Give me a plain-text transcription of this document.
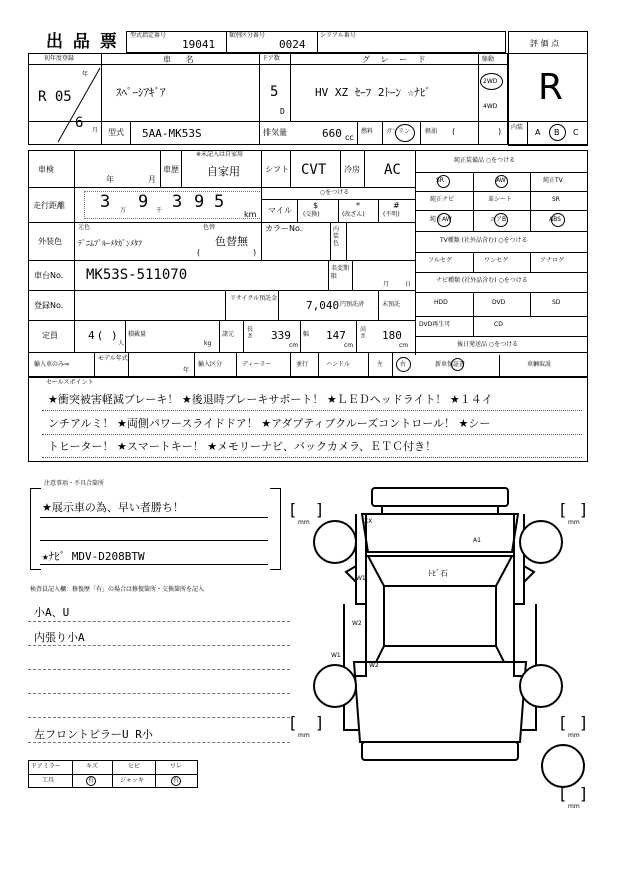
出 品 票 型式指定番号
19041
類別区分番号
0024
シリアル番号
評 価 点
R
初年度登録
R 05
年
6 月
車 名
ｽﾍﾟｰｼｱｷﾞｱ
ドア数
5
D
グ レ ー ド
HV XZ ｾｰﾌ 2ﾄｰﾝ ☆ﾅﾋﾞ
駆動
2WD
4WD
型式 5AA-MK53S	排気量	660 cc
燃料 ガソリン 軽油 (	) 内装
A B C
車検
年	月
車歴
※未記入は自家用
自家用	シフト CVT 冷房 AC
走行距離 3 万 9 千 3 9 5
km
○をつける
マイル
$
(交換)
*
(改ざん)
#
(不明)
外装色
元色
ﾃﾞﾆﾑﾌﾞﾙｰﾒﾀｶﾞﾝﾒﾀﾌ
色替
色替無
(	)
カラーNo.	内装色
車台No. MK53S-511070	名変期限
月	日
登録No.
リサイクル預託金
7,040 円預託済	未預託
定員	4 ( )
人
積載量
kg
諸元
長さ 339
cm
幅 147
cm
高さ 180
cm
輸入車のみ⇒
モデル年式
年
輸入区分	ディーラー	並行	ハンドル	左	右
純正装備品 ○をつける
SR	AW	純正TV
純正ナビ	革シート	SR
純正AW	エアB	ABS
TV種類 (社外品含む) ○をつける
フルセグ	ワンセグ	アナログ
ナビ種類 (社外品含む) ○をつける
HDD	DVD	SD
DVD再生可	CD
後日発送品 ○をつける
新車保証書	車輌取説
セールスポイント
★衝突被害軽減ブレーキ！ ★後退時ブレーキサポート！ ★ＬＥＤヘッドライト！ ★１４イ
ンチアルミ！ ★両側パワースライドドア！ ★アダプティブクルーズコントロール！ ★シー
トヒーター！ ★スマートキー！ ★メモリーナビ、バックカメラ、ＥＴＣ付き！
注意事項・不具合箇所
★展示車の為、早い者勝ち！
★ﾅﾋﾞ MDV-D208BTW
検査員記入欄：修復歴「有」の場合は修復箇所・交換箇所を記入
小A、U
内張り小A
左フロントピラーU R小
ドアミラー	キズ	ヒビ	ワレ
工具	有	ジャッキ	有
[ ]
mm
[ ]
mm
[ ]
mm
[ ]
mm
[ ]
mm
XX
A1
W1
ﾄﾋﾞ石
W2
W1
W2
